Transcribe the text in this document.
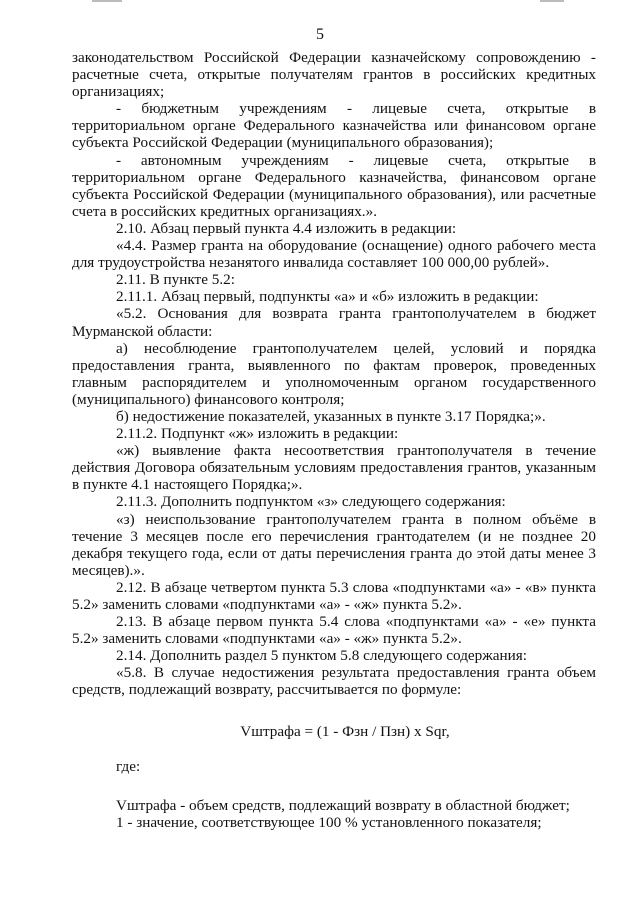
5

законодательством Российской Федерации казначейскому сопровождению - расчетные счета, открытые получателям грантов в российских кредитных организациях;

- бюджетным учреждениям - лицевые счета, открытые в территориальном органе Федерального казначейства или финансовом органе субъекта Российской Федерации (муниципального образования);

- автономным учреждениям - лицевые счета, открытые в территориальном органе Федерального казначейства, финансовом органе субъекта Российской Федерации (муниципального образования), или расчетные счета в российских кредитных организациях.».

2.10. Абзац первый пункта 4.4 изложить в редакции:

«4.4. Размер гранта на оборудование (оснащение) одного рабочего места для трудоустройства незанятого инвалида составляет 100 000,00 рублей».

2.11. В пункте 5.2:

2.11.1. Абзац первый, подпункты «а» и «б» изложить в редакции:

«5.2. Основания для возврата гранта грантополучателем в бюджет Мурманской области:

а) несоблюдение грантополучателем целей, условий и порядка предоставления гранта, выявленного по фактам проверок, проведенных главным распорядителем и уполномоченным органом государственного (муниципального) финансового контроля;

б) недостижение показателей, указанных в пункте 3.17 Порядка;».

2.11.2. Подпункт «ж» изложить в редакции:

«ж) выявление факта несоответствия грантополучателя в течение действия Договора обязательным условиям предоставления грантов, указанным в пункте 4.1 настоящего Порядка;».

2.11.3. Дополнить подпунктом «з» следующего содержания:

«з) неиспользование грантополучателем гранта в полном объёме в течение 3 месяцев после его перечисления грантодателем (и не позднее 20 декабря текущего года, если от даты перечисления гранта до этой даты менее 3 месяцев).».

2.12. В абзаце четвертом пункта 5.3 слова «подпунктами «а» - «в» пункта 5.2» заменить словами «подпунктами «а» - «ж» пункта 5.2».

2.13. В абзаце первом пункта 5.4 слова «подпунктами «а» - «е» пункта 5.2» заменить словами «подпунктами «а» - «ж» пункта 5.2».

2.14. Дополнить раздел 5 пунктом 5.8 следующего содержания:

«5.8. В случае недостижения результата предоставления гранта объем средств, подлежащий возврату, рассчитывается по формуле:

Vштрафа = (1 - Фзн / Пзн) x Sqr,
где:

Vштрафа - объем средств, подлежащий возврату в областной бюджет;

1 - значение, соответствующее 100 % установленного показателя;
